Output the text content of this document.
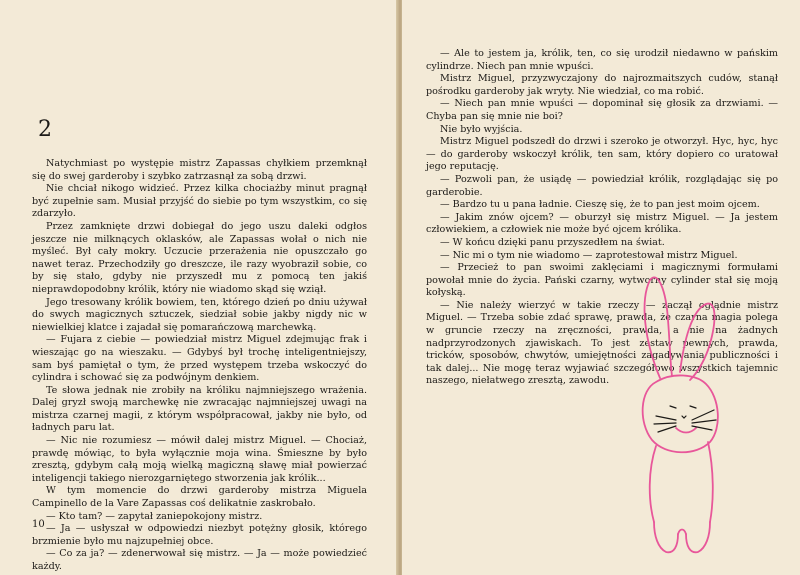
2

Natychmiast po występie mistrz Zapassas chyłkiem przemknął się do swej garderoby i szybko zatrzasnął za sobą drzwi.

Nie chciał nikogo widzieć. Przez kilka chociażby minut pragnął być zupełnie sam. Musiał przyjść do siebie po tym wszystkim, co się zdarzyło.

Przez zamknięte drzwi dobiegał do jego uszu daleki odgłos jeszcze nie milknących oklasków, ale Zapassas wołał o nich nie myśleć. Był cały mokry. Uczucie przerażenia nie opuszczało go nawet teraz. Przechodziły go dreszcze, ile razy wyobraził sobie, co by się stało, gdyby nie przyszedł mu z pomocą ten jakiś nieprawdopodobny królik, który nie wiadomo skąd się wziął.

Jego tresowany królik bowiem, ten, którego dzień po dniu używał do swych magicznych sztuczek, siedział sobie jakby nigdy nic w niewielkiej klatce i zajadał się pomarańczową marchewką.

— Fujara z ciebie — powiedział mistrz Miguel zdejmując frak i wieszając go na wieszaku. — Gdybyś był trochę inteligentniejszy, sam byś pamiętał o tym, że przed występem trzeba wskoczyć do cylindra i schować się za podwójnym denkiem.

Te słowa jednak nie zrobiły na króliku najmniejszego wrażenia. Dalej gryzł swoją marchewkę nie zwracając najmniejszej uwagi na mistrza czarnej magii, z którym współpracował, jakby nie było, od ładnych paru lat.

— Nic nie rozumiesz — mówił dalej mistrz Miguel. — Chociaż, prawdę mówiąc, to była wyłącznie moja wina. Śmieszne by było zresztą, gdybym całą moją wielką magiczną sławę miał powierzać inteligencji takiego nierozgarniętego stworzenia jak królik...

W tym momencie do drzwi garderoby mistrza Miguela Campinello de la Vare Zapassas coś delikatnie zaskrobało.

— Kto tam? — zapytał zaniepokojony mistrz.

— Ja — usłyszał w odpowiedzi niezbyt potężny głosik, którego brzmienie było mu najzupełniej obce.

— Co za ja? — zdenerwował się mistrz. — Ja — może powiedzieć każdy.

10

— Ale to jestem ja, królik, ten, co się urodził niedawno w pańskim cylindrze. Niech pan mnie wpuści.

Mistrz Miguel, przyzwyczajony do najrozmaitszych cudów, stanął pośrodku garderoby jak wryty. Nie wiedział, co ma robić.

— Niech pan mnie wpuści — dopominał się głosik za drzwiami. — Chyba pan się mnie nie boi?

Nie było wyjścia.

Mistrz Miguel podszedł do drzwi i szeroko je otworzył. Hyc, hyc, hyc — do garderoby wskoczył królik, ten sam, który dopiero co uratował jego reputację.

— Pozwoli pan, że usiądę — powiedział królik, rozglądając się po garderobie.

— Bardzo tu u pana ładnie. Cieszę się, że to pan jest moim ojcem.

— Jakim znów ojcem? — oburzył się mistrz Miguel. — Ja jestem człowiekiem, a człowiek nie może być ojcem królika.

— W końcu dzięki panu przyszedłem na świat.

— Nic mi o tym nie wiadomo — zaprotestował mistrz Miguel.

— Przecież to pan swoimi zaklęciami i magicznymi formułami powołał mnie do życia. Pański czarny, wytworny cylinder stał się moją kołyską.

— Nie należy wierzyć w takie rzeczy — zaczął oglądnie mistrz Miguel. — Trzeba sobie zdać sprawę, prawda, że czarna magia polega w gruncie rzeczy na zręczności, prawda, a nie na żadnych nadprzyrodzonych zjawiskach. To jest zestaw pewnych, prawda, tricków, sposobów, chwytów, umiejętności zagadywania publiczności i tak dalej... Nie mogę teraz wyjawiać szczegółowo wszystkich tajemnic naszego, niełatwego zresztą, zawodu.
